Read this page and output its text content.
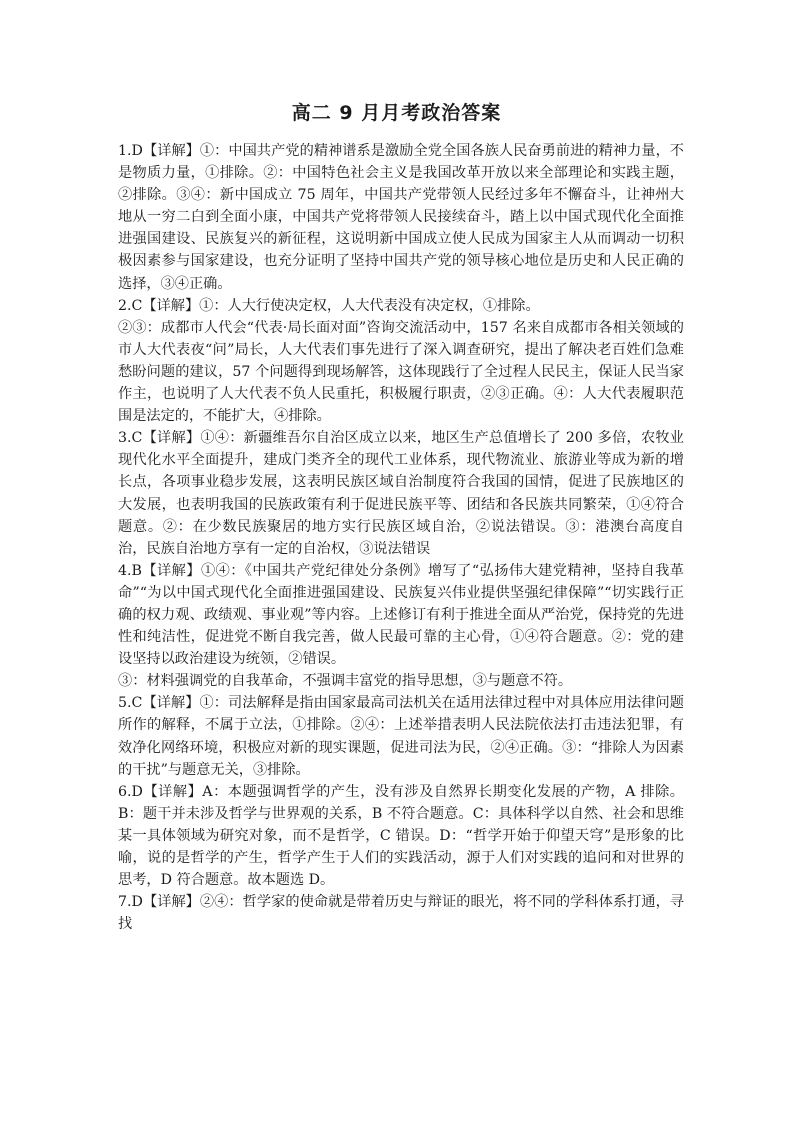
高二 9 月月考政治答案

1.D【详解】①：中国共产党的精神谱系是激励全党全国各族人民奋勇前进的精神力量，不是物质力量，①排除。②：中国特色社会主义是我国改革开放以来全部理论和实践主题，②排除。③④：新中国成立 75 周年，中国共产党带领人民经过多年不懈奋斗，让神州大地从一穷二白到全面小康，中国共产党将带领人民接续奋斗，踏上以中国式现代化全面推进强国建设、民族复兴的新征程，这说明新中国成立使人民成为国家主人从而调动一切积极因素参与国家建设，也充分证明了坚持中国共产党的领导核心地位是历史和人民正确的选择，③④正确。

2.C【详解】①：人大行使决定权，人大代表没有决定权，①排除。

②③：成都市人代会“代表·局长面对面”咨询交流活动中，157 名来自成都市各相关领域的市人大代表夜“问”局长，人大代表们事先进行了深入调查研究，提出了解决老百姓们急难愁盼问题的建议，57 个问题得到现场解答，这体现践行了全过程人民民主，保证人民当家作主，也说明了人大代表不负人民重托，积极履行职责，②③正确。④：人大代表履职范围是法定的，不能扩大，④排除。

3.C【详解】①④：新疆维吾尔自治区成立以来，地区生产总值增长了 200 多倍，农牧业现代化水平全面提升，建成门类齐全的现代工业体系，现代物流业、旅游业等成为新的增长点，各项事业稳步发展，这表明民族区域自治制度符合我国的国情，促进了民族地区的大发展，也表明我国的民族政策有利于促进民族平等、团结和各民族共同繁荣，①④符合题意。②：在少数民族聚居的地方实行民族区域自治，②说法错误。③：港澳台高度自治，民族自治地方享有一定的自治权，③说法错误

4.B【详解】①④：《中国共产党纪律处分条例》增写了“弘扬伟大建党精神，坚持自我革命”“为以中国式现代化全面推进强国建设、民族复兴伟业提供坚强纪律保障”“切实践行正确的权力观、政绩观、事业观”等内容。上述修订有利于推进全面从严治党，保持党的先进性和纯洁性，促进党不断自我完善，做人民最可靠的主心骨，①④符合题意。②：党的建设坚持以政治建设为统领，②错误。

③：材料强调党的自我革命，不强调丰富党的指导思想，③与题意不符。

5.C【详解】①：司法解释是指由国家最高司法机关在适用法律过程中对具体应用法律问题所作的解释，不属于立法，①排除。②④：上述举措表明人民法院依法打击违法犯罪，有效净化网络环境，积极应对新的现实课题，促进司法为民，②④正确。③：“排除人为因素的干扰”与题意无关，③排除。

6.D【详解】A：本题强调哲学的产生，没有涉及自然界长期变化发展的产物，A 排除。B：题干并未涉及哲学与世界观的关系，B 不符合题意。C：具体科学以自然、社会和思维某一具体领域为研究对象，而不是哲学，C 错误。D：“哲学开始于仰望天穹”是形象的比喻，说的是哲学的产生，哲学产生于人们的实践活动，源于人们对实践的追问和对世界的思考，D 符合题意。故本题选 D。

7.D【详解】②④：哲学家的使命就是带着历史与辩证的眼光，将不同的学科体系打通，寻找
